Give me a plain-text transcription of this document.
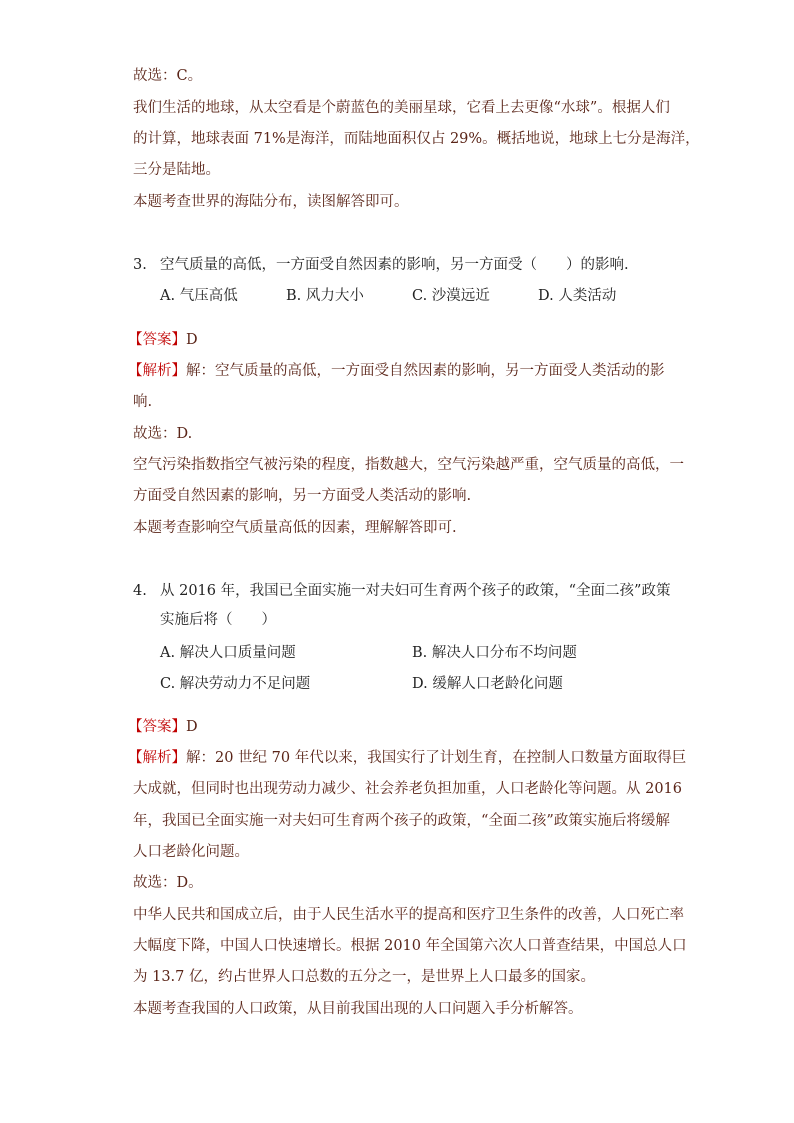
故选：C。
我们生活的地球，从太空看是个蔚蓝色的美丽星球，它看上去更像“水球”。根据人们
的计算，地球表面 71%是海洋，而陆地面积仅占 29%。概括地说，地球上七分是海洋，
三分是陆地。
本题考查世界的海陆分布，读图解答即可。
3. 空气质量的高低，一方面受自然因素的影响，另一方面受（　　）的影响.
A. 气压高低	B. 风力大小	C. 沙漠远近	D. 人类活动
【答案】D
【解析】解：空气质量的高低，一方面受自然因素的影响，另一方面受人类活动的影
响.
故选：D.
空气污染指数指空气被污染的程度，指数越大，空气污染越严重，空气质量的高低，一
方面受自然因素的影响，另一方面受人类活动的影响.
本题考查影响空气质量高低的因素，理解解答即可.
4. 从 2016 年，我国已全面实施一对夫妇可生育两个孩子的政策，“全面二孩”政策
实施后将（　　）
A. 解决人口质量问题	B. 解决人口分布不均问题
C. 解决劳动力不足问题	D. 缓解人口老龄化问题
【答案】D
【解析】解：20 世纪 70 年代以来，我国实行了计划生育，在控制人口数量方面取得巨
大成就，但同时也出现劳动力减少、社会养老负担加重，人口老龄化等问题。从 2016
年，我国已全面实施一对夫妇可生育两个孩子的政策，“全面二孩”政策实施后将缓解
人口老龄化问题。
故选：D。
中华人民共和国成立后，由于人民生活水平的提高和医疗卫生条件的改善，人口死亡率
大幅度下降，中国人口快速增长。根据 2010 年全国第六次人口普查结果，中国总人口
为 13.7 亿，约占世界人口总数的五分之一，是世界上人口最多的国家。
本题考查我国的人口政策，从目前我国出现的人口问题入手分析解答。
